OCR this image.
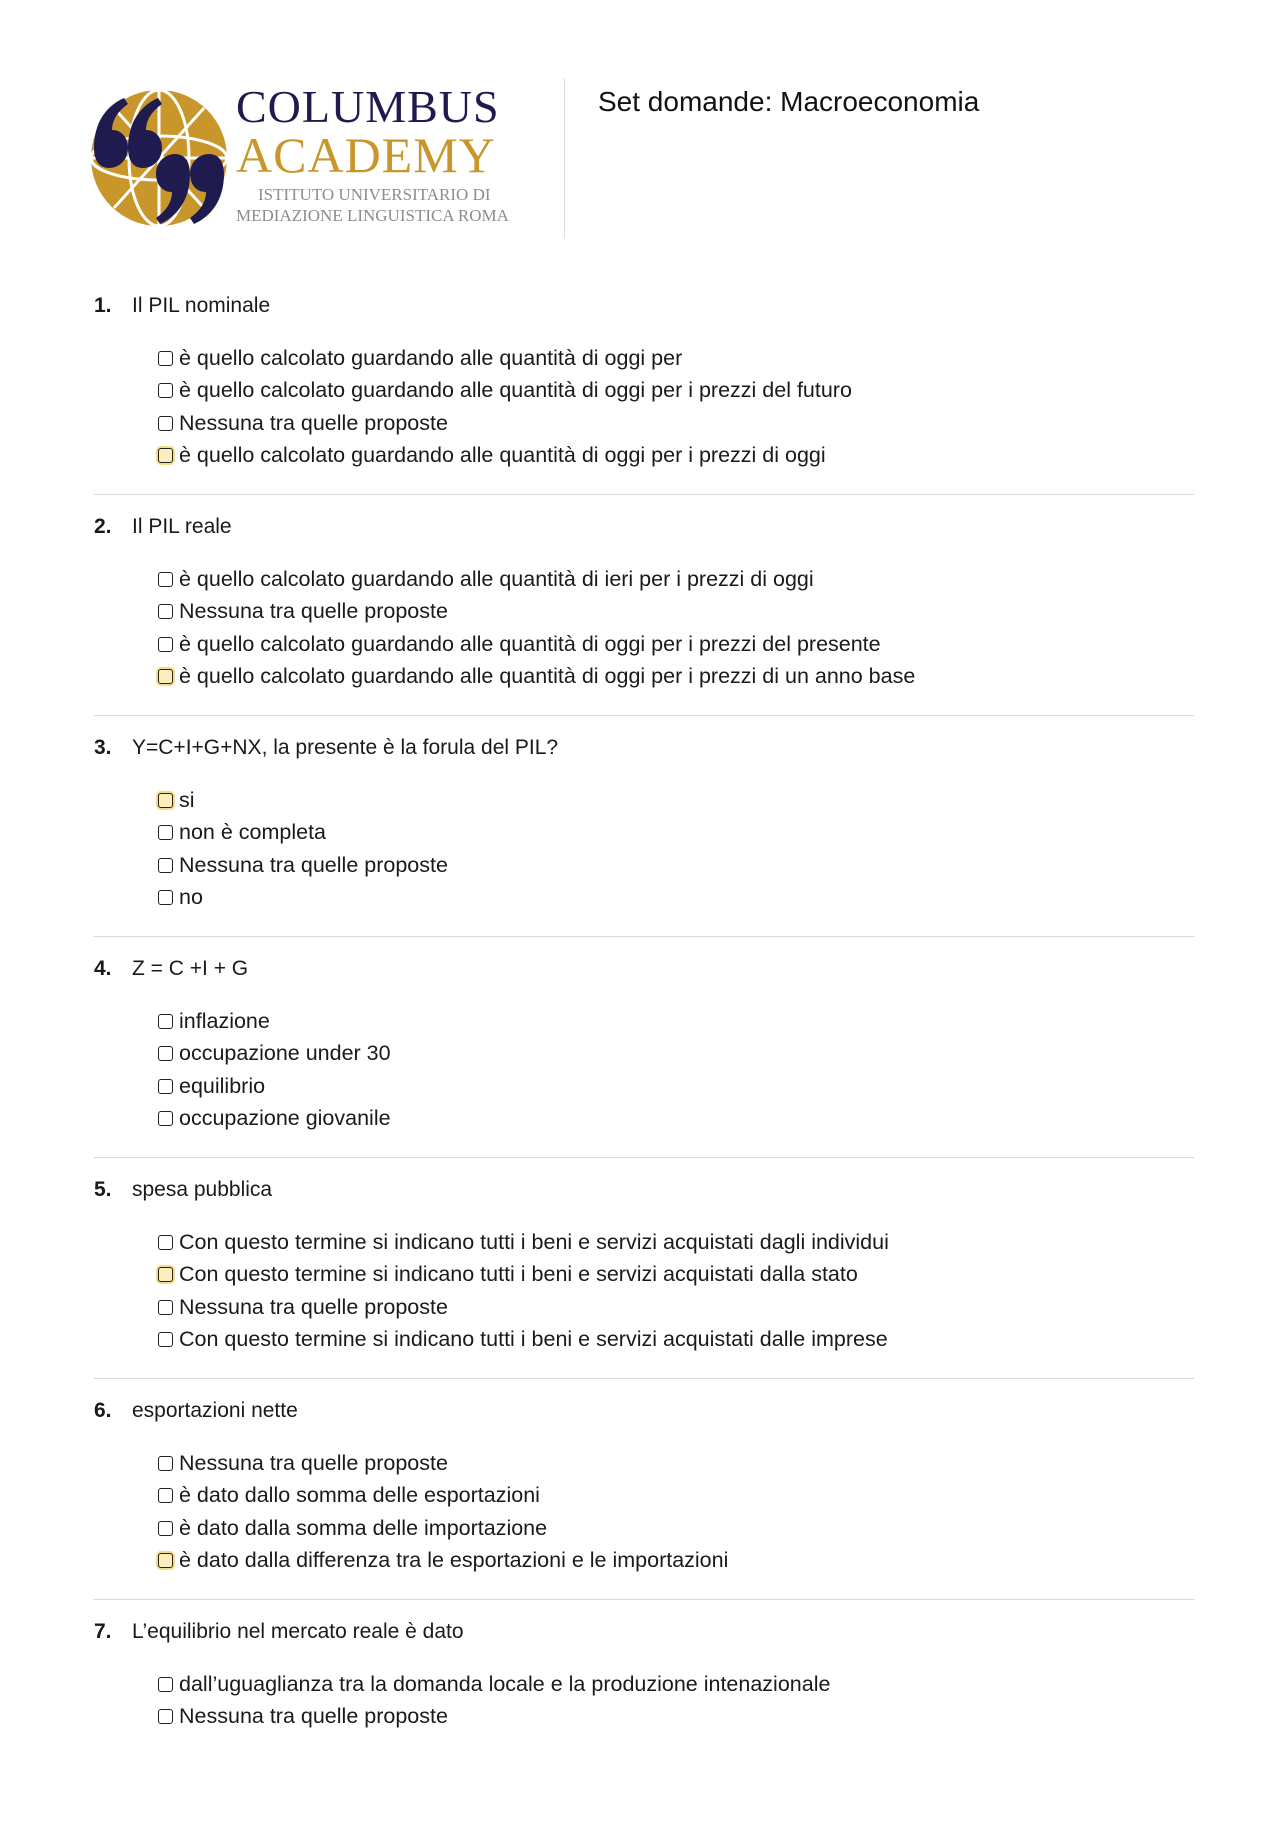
COLUMBUS
ACADEMY
ISTITUTO UNIVERSITARIO DI
MEDIAZIONE LINGUISTICA ROMA
Set domande: Macroeconomia
1. Il PIL nominale
è quello calcolato guardando alle quantità di oggi per
è quello calcolato guardando alle quantità di oggi per i prezzi del futuro
Nessuna tra quelle proposte
è quello calcolato guardando alle quantità di oggi per i prezzi di oggi
2. Il PIL reale
è quello calcolato guardando alle quantità di ieri per i prezzi di oggi
Nessuna tra quelle proposte
è quello calcolato guardando alle quantità di oggi per i prezzi del presente
è quello calcolato guardando alle quantità di oggi per i prezzi di un anno base
3. Y=C+I+G+NX, la presente è la forula del PIL?
si
non è completa
Nessuna tra quelle proposte
no
4. Z = C +I + G
inflazione
occupazione under 30
equilibrio
occupazione giovanile
5. spesa pubblica
Con questo termine si indicano tutti i beni e servizi acquistati dagli individui
Con questo termine si indicano tutti i beni e servizi acquistati dalla stato
Nessuna tra quelle proposte
Con questo termine si indicano tutti i beni e servizi acquistati dalle imprese
6. esportazioni nette
Nessuna tra quelle proposte
è dato dallo somma delle esportazioni
è dato dalla somma delle importazione
è dato dalla differenza tra le esportazioni e le importazioni
7. L’equilibrio nel mercato reale è dato
dall’uguaglianza tra la domanda locale e la produzione intenazionale
Nessuna tra quelle proposte
